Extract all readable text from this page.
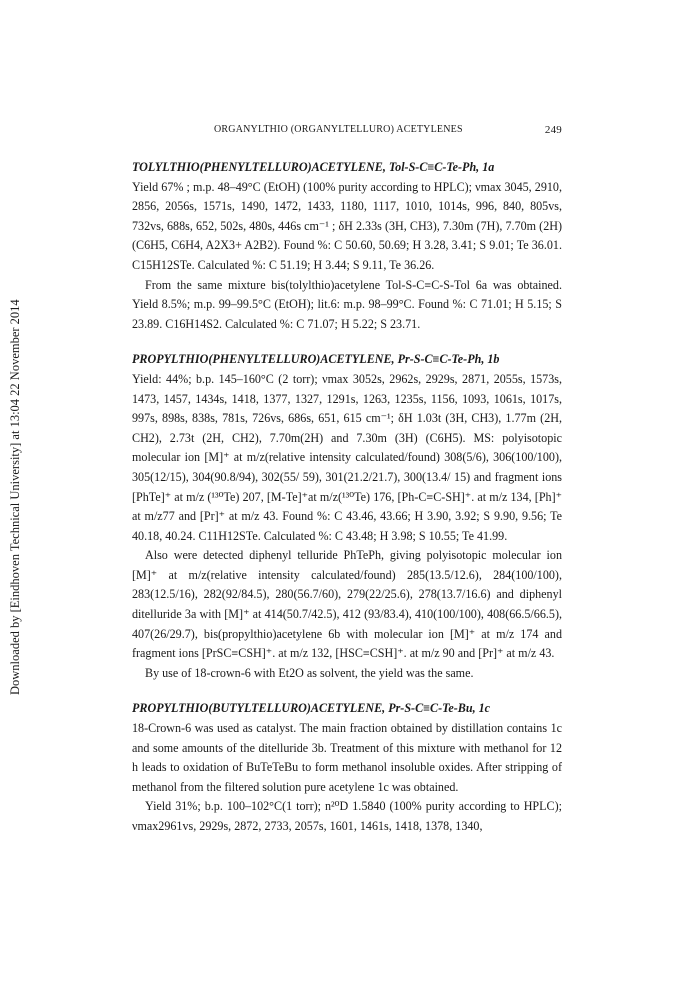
Downloaded by [Eindhoven Technical University] at 13:04 22 November 2014
ORGANYLTHIO (ORGANYLTELLURO) ACETYLENES	249
TOLYLTHIO(PHENYLTELLURO)ACETYLENE, Tol-S-C≡C-Te-Ph, 1a

Yield 67% ; m.p. 48–49°C (EtOH) (100% purity according to HPLC); νmax 3045, 2910, 2856, 2056s, 1571s, 1490, 1472, 1433, 1180, 1117, 1010, 1014s, 996, 840, 805vs, 732vs, 688s, 652, 502s, 480s, 446s cm⁻¹ ; δH 2.33s (3H, CH3), 7.30m (7H), 7.70m (2H) (C6H5, C6H4, A2X3+ A2B2). Found %: C 50.60, 50.69; H 3.28, 3.41; S 9.01; Te 36.01. C15H12STe. Calculated %: C 51.19; H 3.44; S 9.11, Te 36.26.

From the same mixture bis(tolylthio)acetylene Tol-S-C≡C-S-Tol 6a was obtained. Yield 8.5%; m.p. 99–99.5°C (EtOH); lit.6: m.p. 98–99°C. Found %: C 71.01; H 5.15; S 23.89. C16H14S2. Calculated %: C 71.07; H 5.22; S 23.71.

PROPYLTHIO(PHENYLTELLURO)ACETYLENE, Pr-S-C≡C-Te-Ph, 1b

Yield: 44%; b.p. 145–160°C (2 torr); νmax 3052s, 2962s, 2929s, 2871, 2055s, 1573s, 1473, 1457, 1434s, 1418, 1377, 1327, 1291s, 1263, 1235s, 1156, 1093, 1061s, 1017s, 997s, 898s, 838s, 781s, 726vs, 686s, 651, 615 cm⁻¹; δH 1.03t (3H, CH3), 1.77m (2H, CH2), 2.73t (2H, CH2), 7.70m(2H) and 7.30m (3H) (C6H5). MS: polyisotopic molecular ion [M]⁺ at m/z(relative intensity calculated/found) 308(5/6), 306(100/100), 305(12/15), 304(90.8/94), 302(55/ 59), 301(21.2/21.7), 300(13.4/ 15) and fragment ions [PhTe]⁺ at m/z (¹³⁰Te) 207, [M-Te]⁺at m/z(¹³⁰Te) 176, [Ph-C≡C-SH]⁺. at m/z 134, [Ph]⁺ at m/z77 and [Pr]⁺ at m/z 43. Found %: C 43.46, 43.66; H 3.90, 3.92; S 9.90, 9.56; Te 40.18, 40.24. C11H12STe. Calculated %: C 43.48; H 3.98; S 10.55; Te 41.99.

Also were detected diphenyl telluride PhTePh, giving polyisotopic molecular ion [M]⁺ at m/z(relative intensity calculated/found) 285(13.5/12.6), 284(100/100), 283(12.5/16), 282(92/84.5), 280(56.7/60), 279(22/25.6), 278(13.7/16.6) and diphenyl ditelluride 3a with [M]⁺ at 414(50.7/42.5), 412 (93/83.4), 410(100/100), 408(66.5/66.5), 407(26/29.7), bis(propylthio)acetylene 6b with molecular ion [M]⁺ at m/z 174 and fragment ions [PrSC≡CSH]⁺. at m/z 132, [HSC≡CSH]⁺. at m/z 90 and [Pr]⁺ at m/z 43.

By use of 18-crown-6 with Et2O as solvent, the yield was the same.

PROPYLTHIO(BUTYLTELLURO)ACETYLENE, Pr-S-C≡C-Te-Bu, 1c

18-Crown-6 was used as catalyst. The main fraction obtained by distillation contains 1c and some amounts of the ditelluride 3b. Treatment of this mixture with methanol for 12 h leads to oxidation of BuTeTeBu to form methanol insoluble oxides. After stripping of methanol from the filtered solution pure acetylene 1c was obtained.

Yield 31%; b.p. 100–102°C(1 torr); n²⁰D 1.5840 (100% purity according to HPLC); νmax2961vs, 2929s, 2872, 2733, 2057s, 1601, 1461s, 1418, 1378, 1340,
